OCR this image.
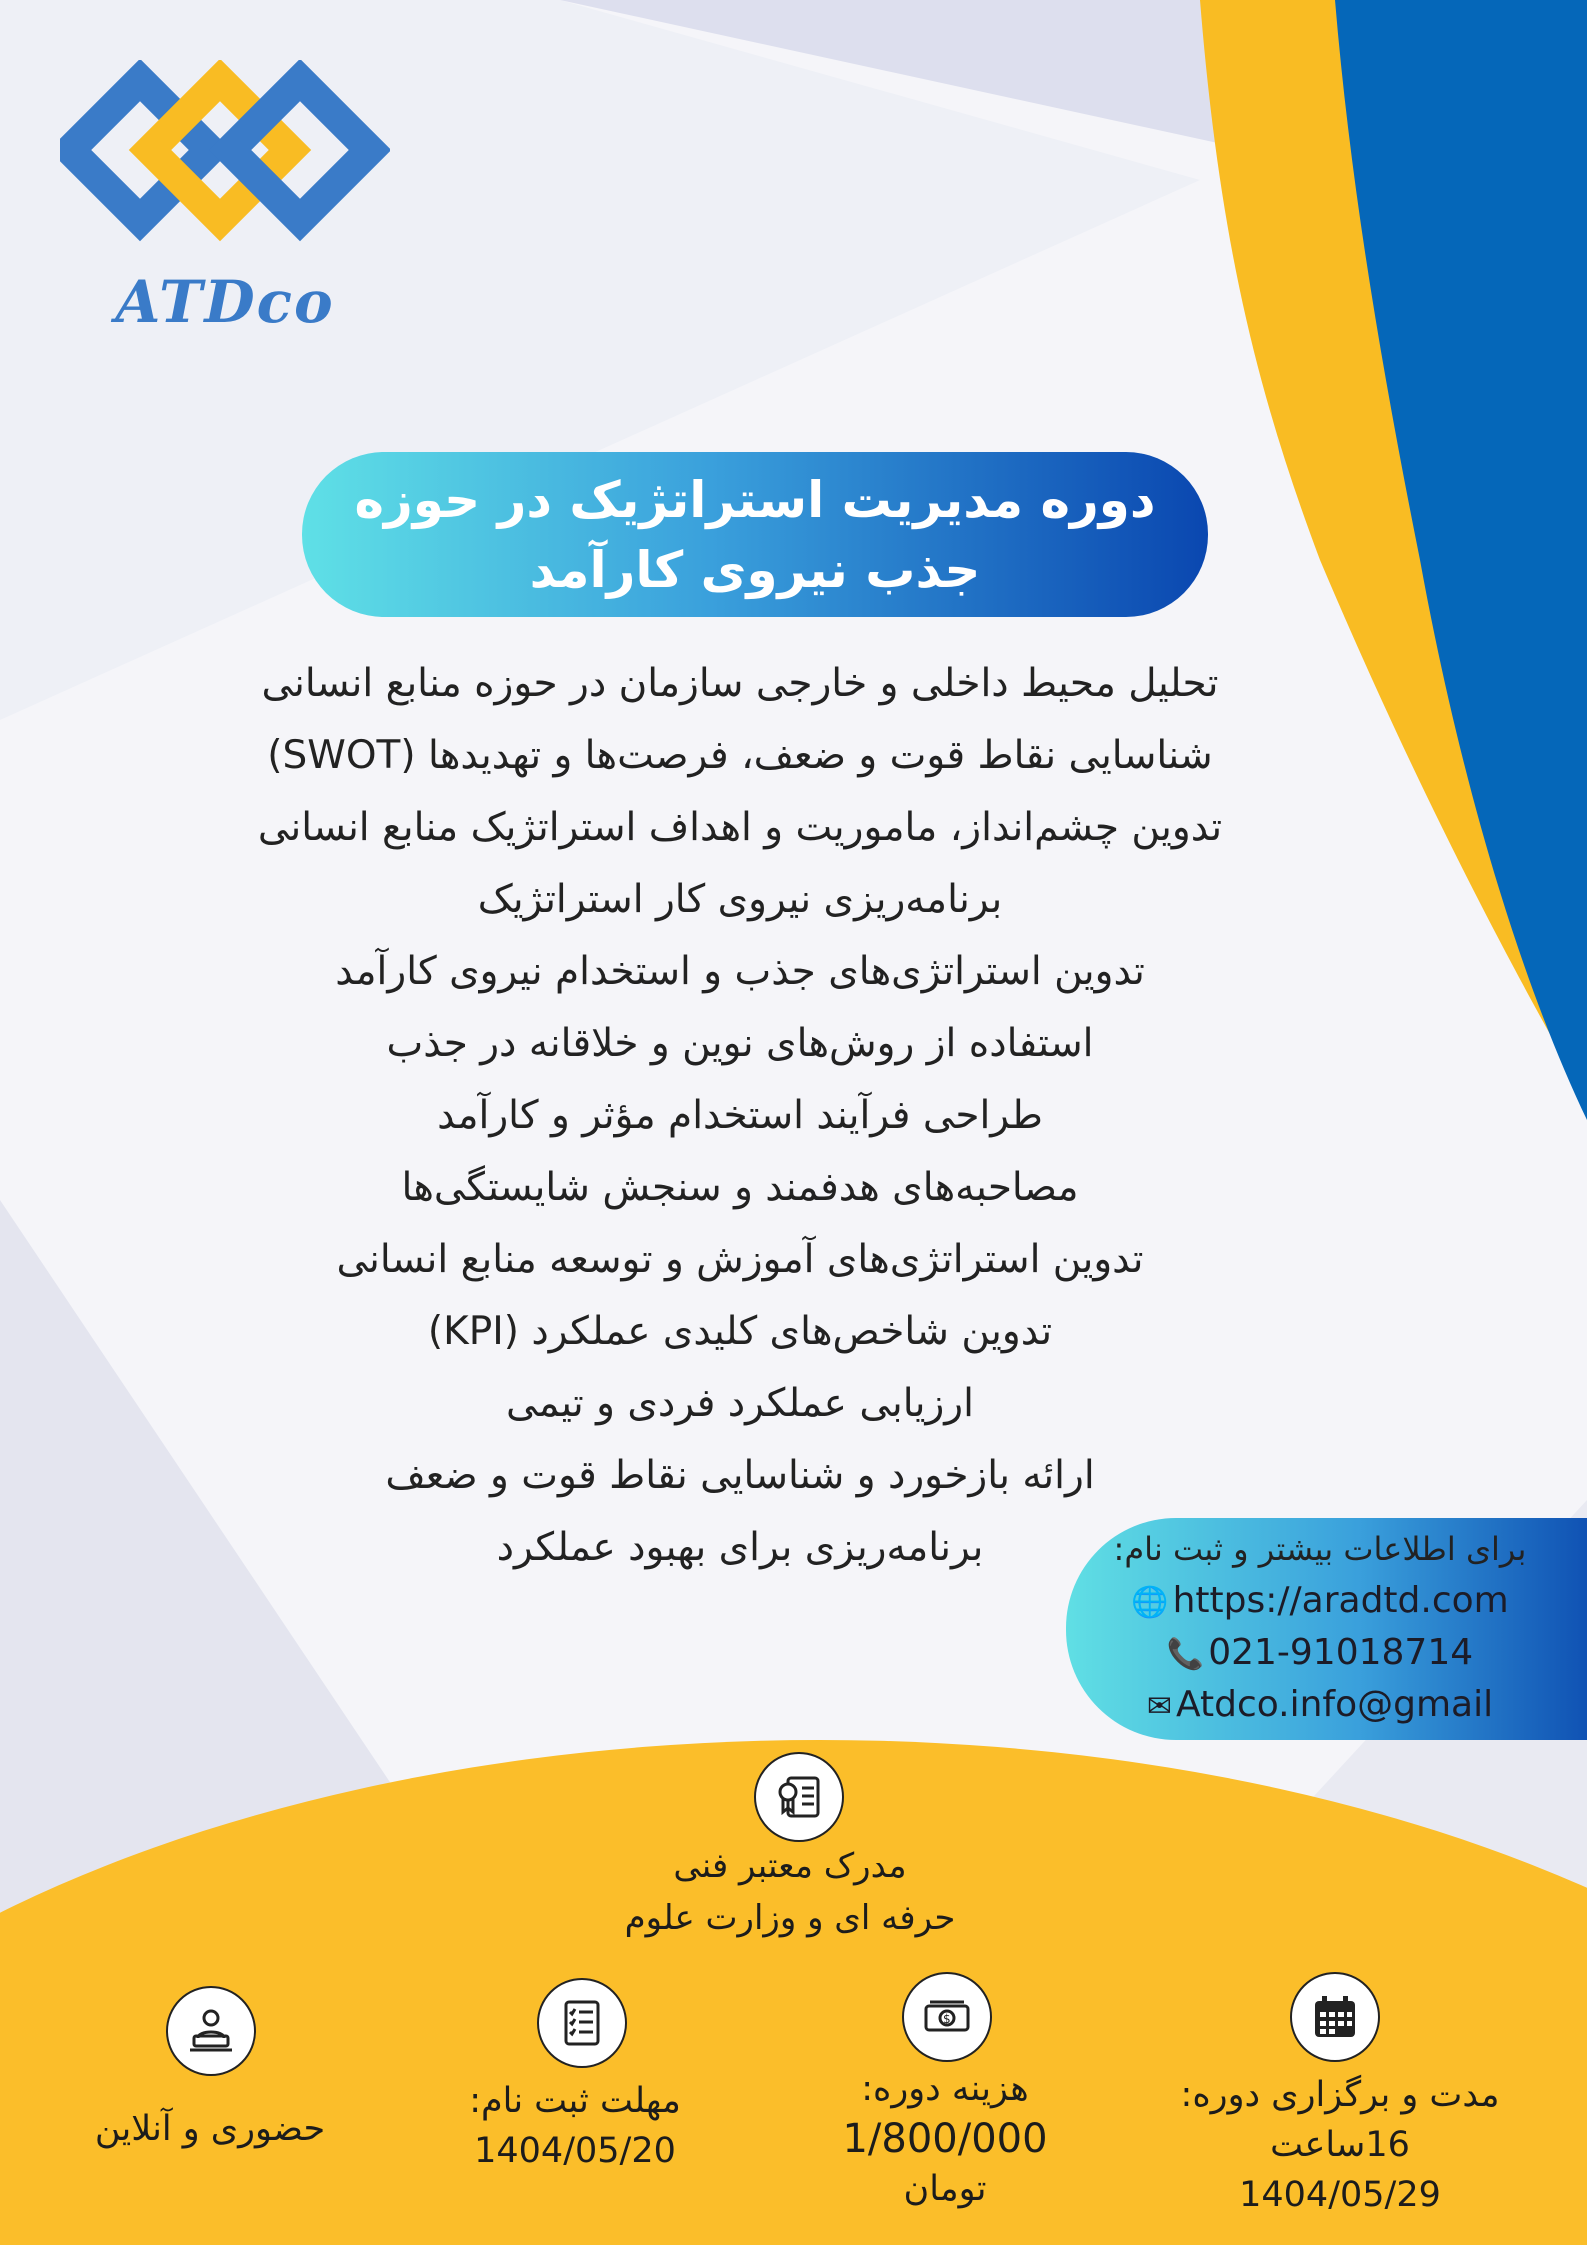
ATDco
دوره مدیریت استراتژیک در حوزه
جذب نیروی کارآمد
تحلیل محیط داخلی و خارجی سازمان در حوزه منابع انسانی
شناسایی نقاط قوت و ضعف، فرصت‌ها و تهدیدها (SWOT)
تدوین چشم‌انداز، ماموریت و اهداف استراتژیک منابع انسانی
برنامه‌ریزی نیروی کار استراتژیک
تدوین استراتژی‌های جذب و استخدام نیروی کارآمد
استفاده از روش‌های نوین و خلاقانه در جذب
طراحی فرآیند استخدام مؤثر و کارآمد
مصاحبه‌های هدفمند و سنجش شایستگی‌ها
تدوین استراتژی‌های آموزش و توسعه منابع انسانی
تدوین شاخص‌های کلیدی عملکرد (KPI)
ارزیابی عملکرد فردی و تیمی
ارائه بازخورد و شناسایی نقاط قوت و ضعف
برنامه‌ریزی برای بهبود عملکرد	برای اطلاعات بیشتر و ثبت نام:
🌐 https://aradtd.com
📞 021-91018714
✉ Atdco.info@gmail
مدرک معتبر فنی
حرفه ای و وزارت علوم
$
مدت و برگزاری دوره:
16ساعت
1404/05/29
هزینه دوره:
1/800/000
تومان
مهلت ثبت نام:
1404/05/20
حضوری و آنلاین
